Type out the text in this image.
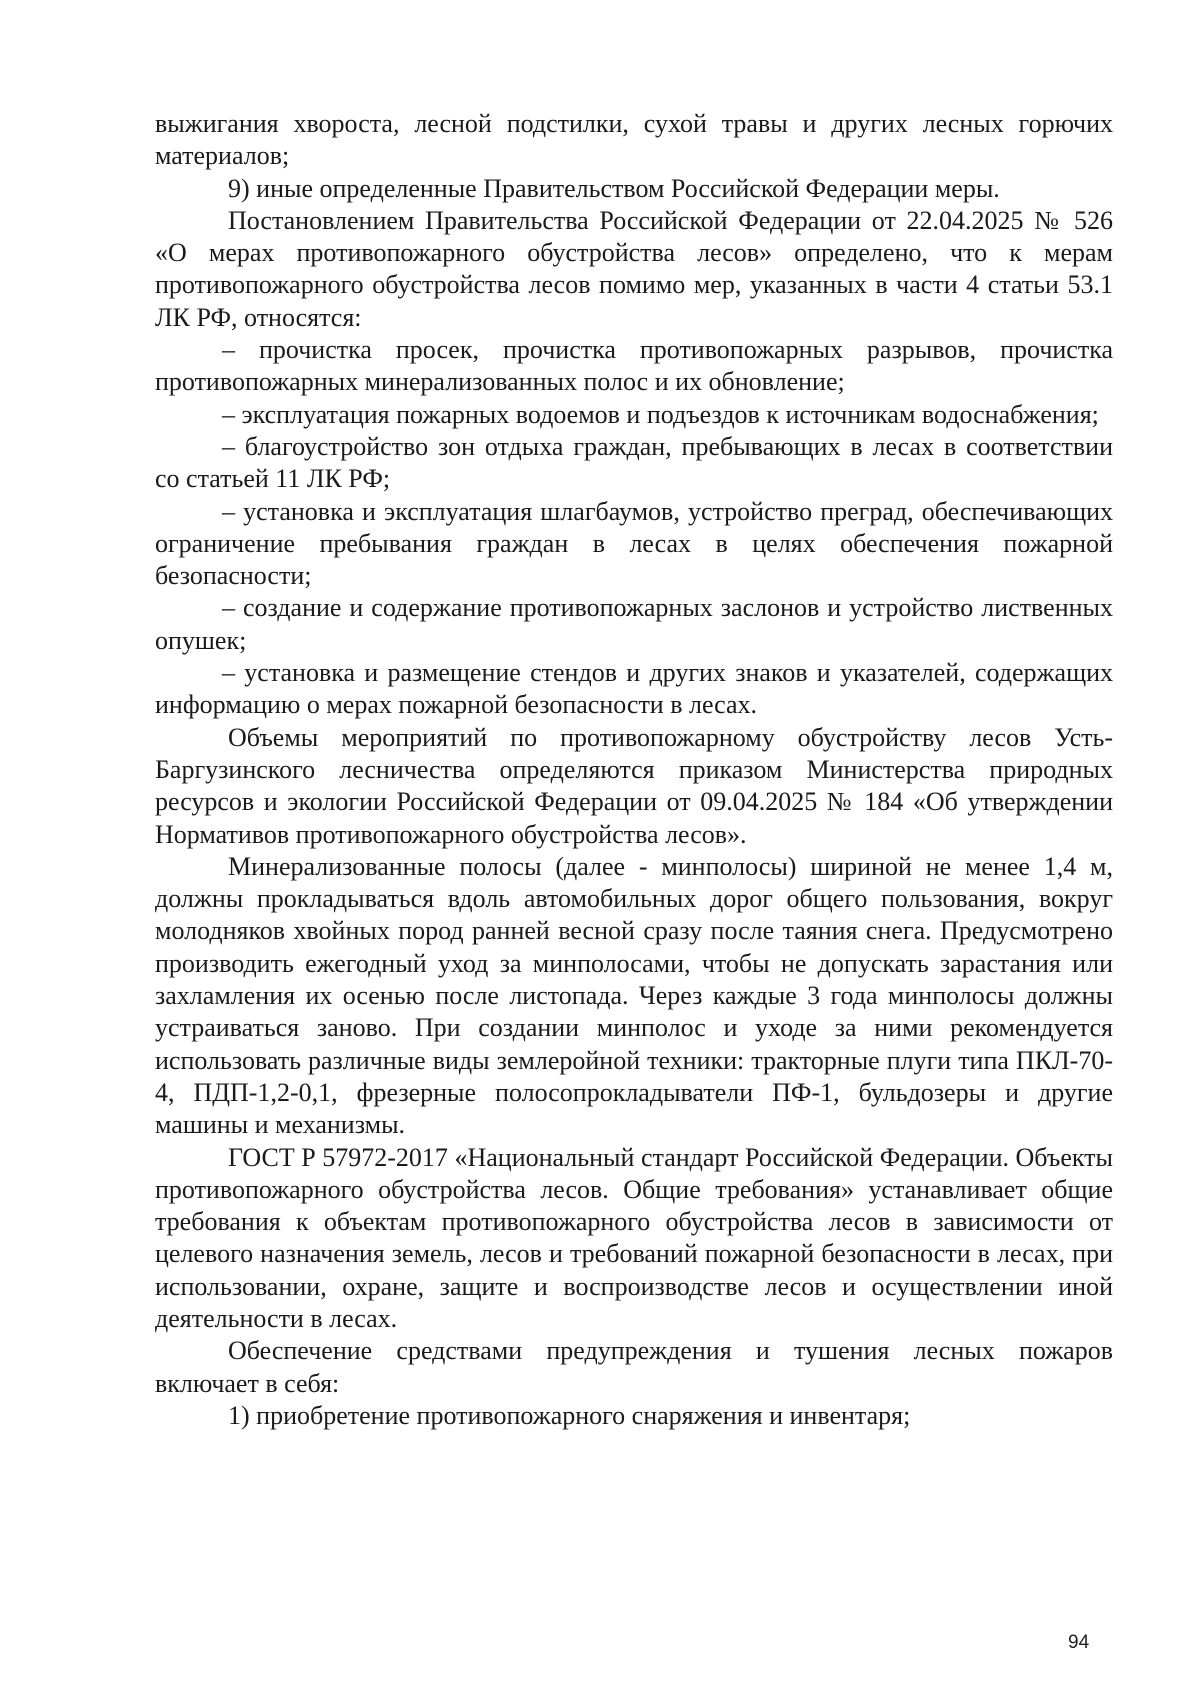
выжигания хвороста, лесной подстилки, сухой травы и других лесных горючих материалов;

9) иные определенные Правительством Российской Федерации меры.

Постановлением Правительства Российской Федерации от 22.04.2025 № 526 «О мерах противопожарного обустройства лесов» определено, что к мерам противопожарного обустройства лесов помимо мер, указанных в части 4 статьи 53.1 ЛК РФ, относятся:

– прочистка просек, прочистка противопожарных разрывов, прочистка противопожарных минерализованных полос и их обновление;

– эксплуатация пожарных водоемов и подъездов к источникам водоснабжения;

– благоустройство зон отдыха граждан, пребывающих в лесах в соответствии со статьей 11 ЛК РФ;

– установка и эксплуатация шлагбаумов, устройство преград, обеспечивающих ограничение пребывания граждан в лесах в целях обеспечения пожарной безопасности;

– создание и содержание противопожарных заслонов и устройство лиственных опушек;

– установка и размещение стендов и других знаков и указателей, содержащих информацию о мерах пожарной безопасности в лесах.

Объемы мероприятий по противопожарному обустройству лесов Усть-Баргузинского лесничества определяются приказом Министерства природных ресурсов и экологии Российской Федерации от 09.04.2025 № 184 «Об утверждении Нормативов противопожарного обустройства лесов».

Минерализованные полосы (далее - минполосы) шириной не менее 1,4 м, должны прокладываться вдоль автомобильных дорог общего пользования, вокруг молодняков хвойных пород ранней весной сразу после таяния снега. Предусмотрено производить ежегодный уход за минполосами, чтобы не допускать зарастания или захламления их осенью после листопада. Через каждые 3 года минполосы должны устраиваться заново. При создании минполос и уходе за ними рекомендуется использовать различные виды землеройной техники: тракторные плуги типа ПКЛ-70-4, ПДП-1,2-0,1, фрезерные полосопрокладыватели ПФ-1, бульдозеры и другие машины и механизмы.

ГОСТ Р 57972-2017 «Национальный стандарт Российской Федерации. Объекты противопожарного обустройства лесов. Общие требования» устанавливает общие требования к объектам противопожарного обустройства лесов в зависимости от целевого назначения земель, лесов и требований пожарной безопасности в лесах, при использовании, охране, защите и воспроизводстве лесов и осуществлении иной деятельности в лесах.

Обеспечение средствами предупреждения и тушения лесных пожаров включает в себя:

1) приобретение противопожарного снаряжения и инвентаря;

94
